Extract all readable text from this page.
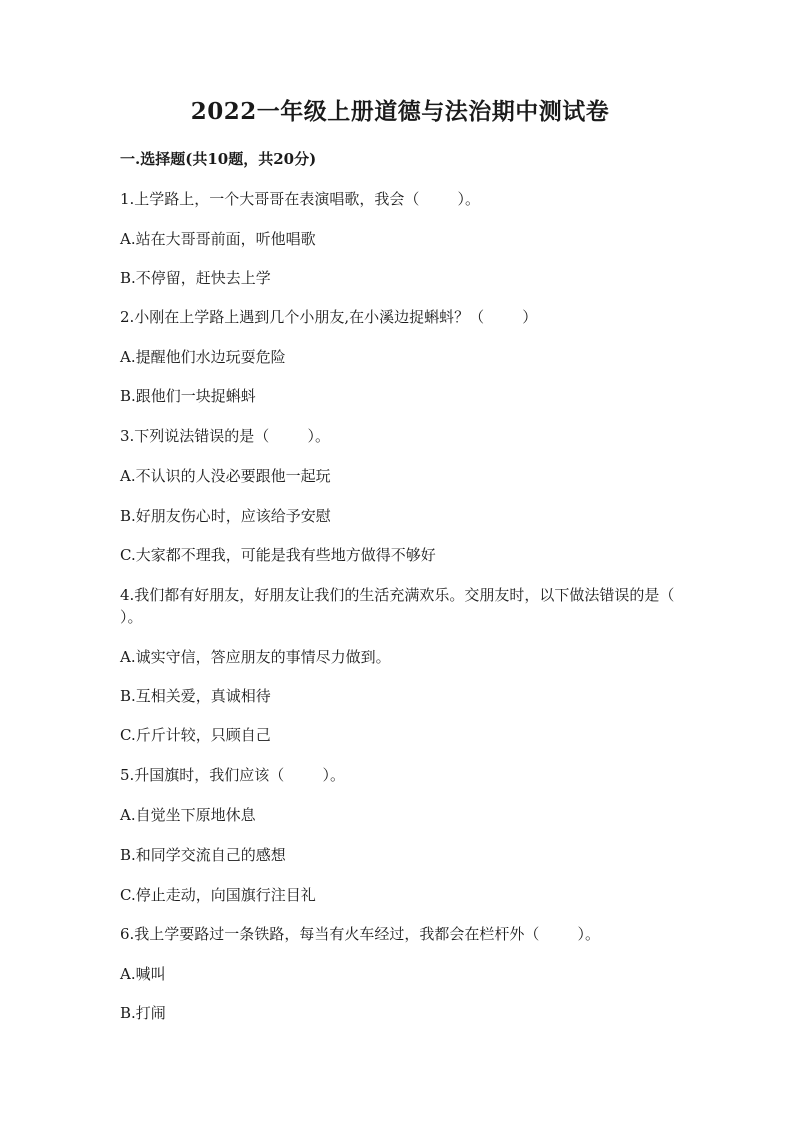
2022一年级上册道德与法治期中测试卷
一.选择题(共10题，共20分)
1.上学路上，一个大哥哥在表演唱歌，我会（        ）。
A.站在大哥哥前面，听他唱歌
B.不停留，赶快去上学
2.小刚在上学路上遇到几个小朋友,在小溪边捉蝌蚪？（        ）
A.提醒他们水边玩耍危险
B.跟他们一块捉蝌蚪
3.下列说法错误的是（        ）。
A.不认识的人没必要跟他一起玩
B.好朋友伤心时，应该给予安慰
C.大家都不理我，可能是我有些地方做得不够好
4.我们都有好朋友，好朋友让我们的生活充满欢乐。交朋友时，以下做法错误的是（        ）。
A.诚实守信，答应朋友的事情尽力做到。
B.互相关爱，真诚相待
C.斤斤计较，只顾自己
5.升国旗时，我们应该（        ）。
A.自觉坐下原地休息
B.和同学交流自己的感想
C.停止走动，向国旗行注目礼
6.我上学要路过一条铁路，每当有火车经过，我都会在栏杆外（        ）。
A.喊叫
B.打闹
